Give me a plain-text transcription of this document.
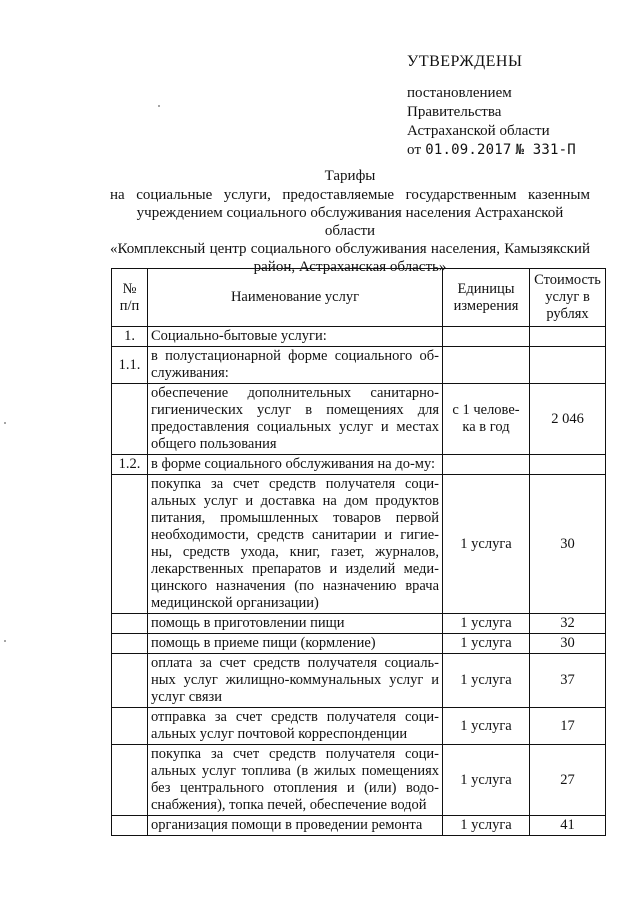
УТВЕРЖДЕНЫ
постановлением
Правительства
Астраханской области
от 01.09.2017 № 331-П
Тарифы
на социальные услуги, предоставляемые государственным казенным
учреждением социального обслуживания населения Астраханской области
«Комплексный центр социального обслуживания населения, Камызякский
район, Астраханская область»
№ п/п	Наименование услуг	Единицы измерения	Стоимость услуг в рублях
1.	Социально-бытовые услуги:		
1.1.	в полустационарной форме социального об-служивания:		
	обеспечение дополнительных санитарно-гигиенических услуг в помещениях для предоставления социальных услуг и местах общего пользования	с 1 челове-ка в год	2 046
1.2.	в форме социального обслуживания на до-му:		
	покупка за счет средств получателя соци-альных услуг и доставка на дом продуктов питания, промышленных товаров первой необходимости, средств санитарии и гигие-ны, средств ухода, книг, газет, журналов, лекарственных препаратов и изделий меди-цинского назначения (по назначению врача медицинской организации)	1 услуга	30
	помощь в приготовлении пищи	1 услуга	32
	помощь в приеме пищи (кормление)	1 услуга	30
	оплата за счет средств получателя социаль-ных услуг жилищно-коммунальных услуг и услуг связи	1 услуга	37
	отправка за счет средств получателя соци-альных услуг почтовой корреспонденции	1 услуга	17
	покупка за счет средств получателя соци-альных услуг топлива (в жилых помещениях без центрального отопления и (или) водо-снабжения), топка печей, обеспечение водой	1 услуга	27
	организация помощи в проведении ремонта	1 услуга	41
